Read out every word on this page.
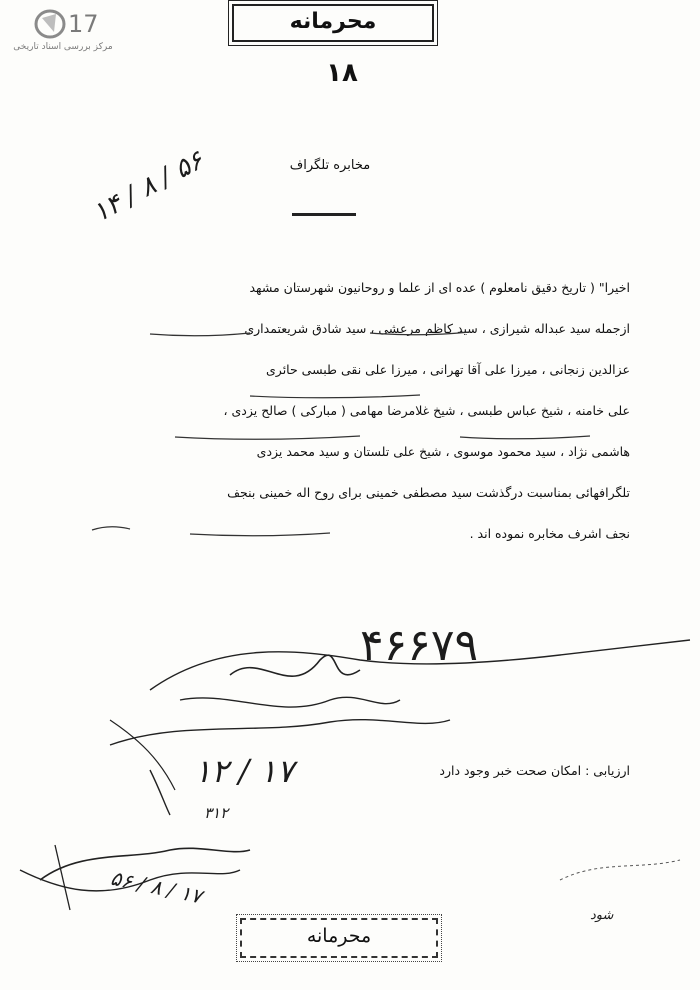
17
مرکز بررسی اسناد تاریخی
محرمانه
۱۸
مخابره تلگراف
اخیرا" ( تاریخ دقیق نامعلوم ) عده ای از علما و روحانیون شهرستان مشهد
ازجمله سید عبداله شیرازی ، سید کاظم مرعشی ، سید شادق شریعتمداری
عزالدین زنجانی ، میرزا علی آقا تهرانی ، میرزا علی نقی طبسی حائری
علی خامنه ، شیخ عباس طبسی ، شیخ غلامرضا مهامی ( مبارکی ) صالح یزدی ،
هاشمی نژاد ، سید محمود موسوی ، شیخ علی تلستان و سید محمد یزدی
تلگرافهائی بمناسبت درگذشت سید مصطفی خمینی برای روح اله خمینی بنجف
نجف اشرف مخابره نموده اند .
ارزیابی : امکان صحت خبر وجود دارد
محرمانه
۱۴ / ۸ / ۵۶
۴۶۶۷۹
۱۲ / ۱۷
۳۱۲
۵۶ / ۸ / ۱۷
شود
